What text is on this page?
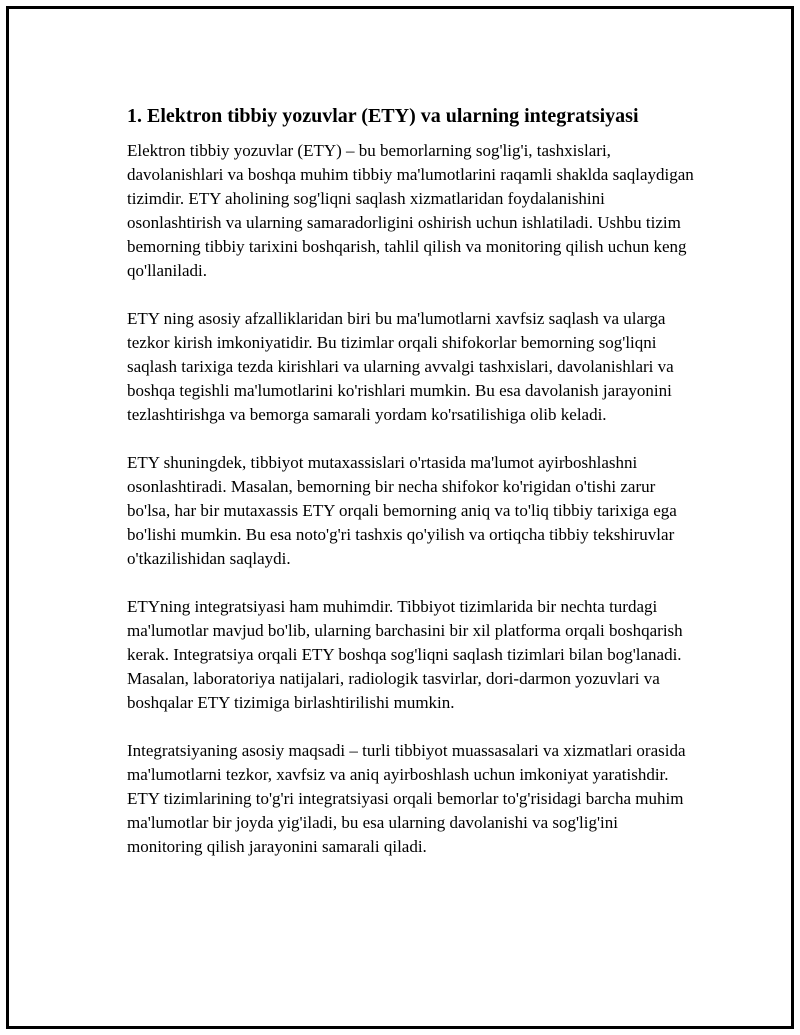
1. Elektron tibbiy yozuvlar (ETY) va ularning integratsiyasi

Elektron tibbiy yozuvlar (ETY) – bu bemorlarning sog'lig'i, tashxislari, davolanishlari va boshqa muhim tibbiy ma'lumotlarini raqamli shaklda saqlaydigan tizimdir. ETY aholining sog'liqni saqlash xizmatlaridan foydalanishini osonlashtirish va ularning samaradorligini oshirish uchun ishlatiladi. Ushbu tizim bemorning tibbiy tarixini boshqarish, tahlil qilish va monitoring qilish uchun keng qo'llaniladi.

ETY ning asosiy afzalliklaridan biri bu ma'lumotlarni xavfsiz saqlash va ularga tezkor kirish imkoniyatidir. Bu tizimlar orqali shifokorlar bemorning sog'liqni saqlash tarixiga tezda kirishlari va ularning avvalgi tashxislari, davolanishlari va boshqa tegishli ma'lumotlarini ko'rishlari mumkin. Bu esa davolanish jarayonini tezlashtirishga va bemorga samarali yordam ko'rsatilishiga olib keladi.

ETY shuningdek, tibbiyot mutaxassislari o'rtasida ma'lumot ayirboshlashni osonlashtiradi. Masalan, bemorning bir necha shifokor ko'rigidan o'tishi zarur bo'lsa, har bir mutaxassis ETY orqali bemorning aniq va to'liq tibbiy tarixiga ega bo'lishi mumkin. Bu esa noto'g'ri tashxis qo'yilish va ortiqcha tibbiy tekshiruvlar o'tkazilishidan saqlaydi.

ETYning integratsiyasi ham muhimdir. Tibbiyot tizimlarida bir nechta turdagi ma'lumotlar mavjud bo'lib, ularning barchasini bir xil platforma orqali boshqarish kerak. Integratsiya orqali ETY boshqa sog'liqni saqlash tizimlari bilan bog'lanadi. Masalan, laboratoriya natijalari, radiologik tasvirlar, dori-darmon yozuvlari va boshqalar ETY tizimiga birlashtirilishi mumkin.

Integratsiyaning asosiy maqsadi – turli tibbiyot muassasalari va xizmatlari orasida ma'lumotlarni tezkor, xavfsiz va aniq ayirboshlash uchun imkoniyat yaratishdir. ETY tizimlarining to'g'ri integratsiyasi orqali bemorlar to'g'risidagi barcha muhim ma'lumotlar bir joyda yig'iladi, bu esa ularning davolanishi va sog'lig'ini monitoring qilish jarayonini samarali qiladi.
